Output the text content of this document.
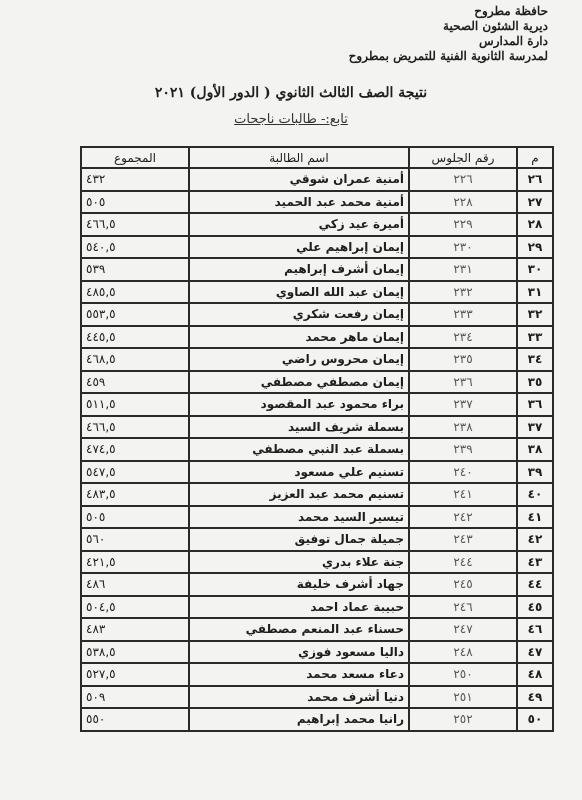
حافظة مطروح
ديرية الشئون الصحية
دارة المدارس
لمدرسة الثانوية الفنية للتمريض بمطروح
نتيجة الصف الثالث الثانوي ( الدور الأول) ٢٠٢١
تابع:- طالبات ناجحات
م	رقم الجلوس	اسم الطالبة	المجموع
٢٦	٢٢٦	أمنية عمران شوقي	٤٣٢
٢٧	٢٢٨	أمنية محمد عبد الحميد	٥٠٥
٢٨	٢٢٩	أميرة عيد زكي	٤٦٦,٥
٢٩	٢٣٠	إيمان إبراهيم علي	٥٤٠,٥
٣٠	٢٣١	إيمان أشرف إبراهيم	٥٣٩
٣١	٢٣٢	إيمان عبد الله الصاوي	٤٨٥,٥
٣٢	٢٣٣	إيمان رفعت شكري	٥٥٣,٥
٣٣	٢٣٤	إيمان ماهر محمد	٤٤٥,٥
٣٤	٢٣٥	إيمان محروس راضي	٤٦٨,٥
٣٥	٢٣٦	إيمان مصطفي مصطفي	٤٥٩
٣٦	٢٣٧	براء محمود عبد المقصود	٥١١,٥
٣٧	٢٣٨	بسملة شريف السيد	٤٦٦,٥
٣٨	٢٣٩	بسملة عبد النبي مصطفي	٤٧٤,٥
٣٩	٢٤٠	تسنيم علي مسعود	٥٤٧,٥
٤٠	٢٤١	تسنيم محمد عبد العزيز	٤٨٣,٥
٤١	٢٤٢	تيسير السيد محمد	٥٠٥
٤٢	٢٤٣	جميلة جمال توفيق	٥٦٠
٤٣	٢٤٤	جنة علاء بدري	٤٢١,٥
٤٤	٢٤٥	جهاد أشرف خليفة	٤٨٦
٤٥	٢٤٦	حبيبة عماد احمد	٥٠٤,٥
٤٦	٢٤٧	حسناء عبد المنعم مصطفي	٤٨٣
٤٧	٢٤٨	داليا مسعود فوزي	٥٣٨,٥
٤٨	٢٥٠	دعاء مسعد محمد	٥٢٧,٥
٤٩	٢٥١	دنيا أشرف محمد	٥٠٩
٥٠	٢٥٢	رانيا محمد إبراهيم	٥٥٠
